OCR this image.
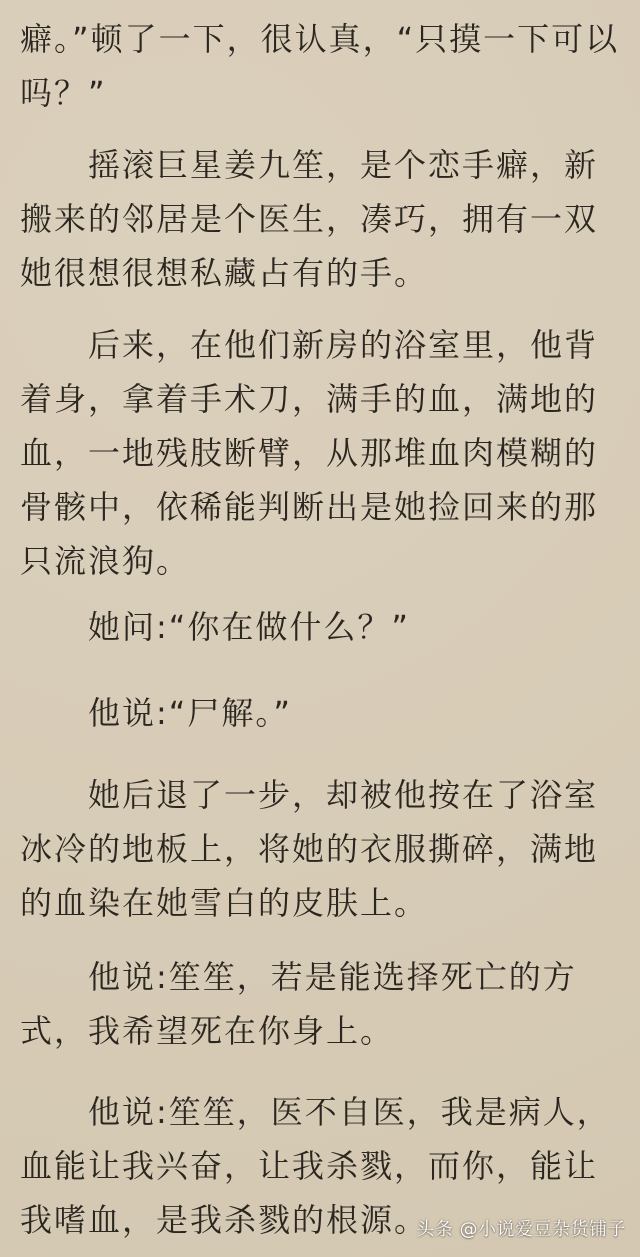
癖。”顿了一下，很认真，“只摸一下可以吗？”

　　摇滚巨星姜九笙，是个恋手癖，新搬来的邻居是个医生，凑巧，拥有一双她很想很想私藏占有的手。

　　后来，在他们新房的浴室里，他背着身，拿着手术刀，满手的血，满地的血，一地残肢断臂，从那堆血肉模糊的骨骸中，依稀能判断出是她捡回来的那只流浪狗。

　　她问:“你在做什么？”

　　他说:“尸解。”

　　她后退了一步，却被他按在了浴室冰冷的地板上，将她的衣服撕碎，满地的血染在她雪白的皮肤上。

　　他说:笙笙，若是能选择死亡的方式，我希望死在你身上。

　　他说:笙笙，医不自医，我是病人，血能让我兴奋，让我杀戮，而你，能让我嗜血，是我杀戮的根源。

头条 @小说爱豆杂货铺子
